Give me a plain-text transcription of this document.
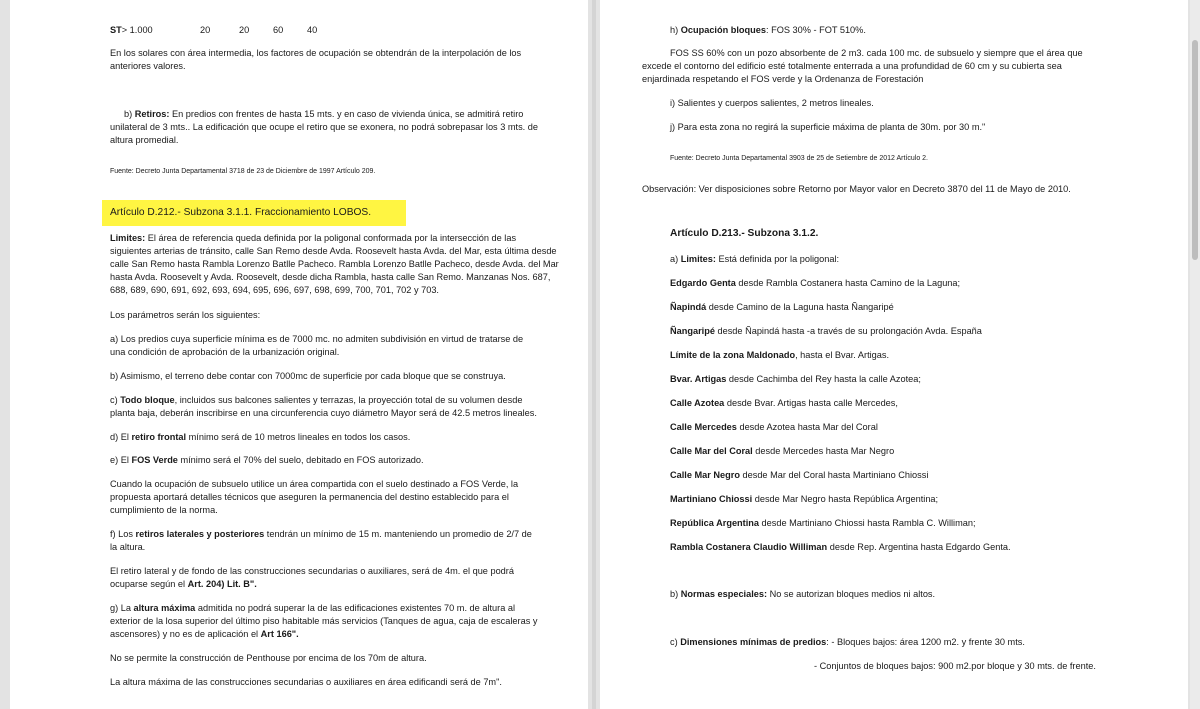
ST> 1.000	20	20	60	40
En los solares con área intermedia, los factores de ocupación se obtendrán de la interpolación de los
anteriores valores.
b) Retiros: En predios con frentes de hasta 15 mts. y en caso de vivienda única, se admitirá retiro
unilateral de 3 mts.. La edificación que ocupe el retiro que se exonera, no podrá sobrepasar los 3 mts. de
altura promedial.
Fuente: Decreto Junta Departamental 3718 de 23 de Diciembre de 1997 Artículo 209.
Artículo D.212.- Subzona 3.1.1. Fraccionamiento LOBOS.
Limites: El área de referencia queda definida por la poligonal conformada por la intersección de las
siguientes arterias de tránsito, calle San Remo desde Avda. Roosevelt hasta Avda. del Mar, esta última desde
calle San Remo hasta Rambla Lorenzo Batlle Pacheco. Rambla Lorenzo Batlle Pacheco, desde Avda. del Mar
hasta Avda. Roosevelt y Avda. Roosevelt, desde dicha Rambla, hasta calle San Remo. Manzanas Nos. 687,
688, 689, 690, 691, 692, 693, 694, 695, 696, 697, 698, 699, 700, 701, 702 y 703.
Los parámetros serán los siguientes:
a) Los predios cuya superficie mínima es de 7000 mc. no admiten subdivisión en virtud de tratarse de
una condición de aprobación de la urbanización original.
b) Asimismo, el terreno debe contar con 7000mc de superficie por cada bloque que se construya.
c) Todo bloque, incluidos sus balcones salientes y terrazas, la proyección total de su volumen desde
planta baja, deberán inscribirse en una circunferencia cuyo diámetro Mayor será de 42.5 metros lineales.
d) El retiro frontal mínimo será de 10 metros lineales en todos los casos.
e) El FOS Verde mínimo será el 70% del suelo, debitado en FOS autorizado.
Cuando la ocupación de subsuelo utilice un área compartida con el suelo destinado a FOS Verde, la
propuesta aportará detalles técnicos que aseguren la permanencia del destino establecido para el
cumplimiento de la norma.
f) Los retiros laterales y posteriores tendrán un mínimo de 15 m. manteniendo un promedio de 2/7 de
la altura.
El retiro lateral y de fondo de las construcciones secundarias o auxiliares, será de 4m. el que podrá
ocuparse según el Art. 204) Lit. B".
g) La altura máxima admitida no podrá superar la de las edificaciones existentes 70 m. de altura al
exterior de la losa superior del último piso habitable más servicios (Tanques de agua, caja de escaleras y
ascensores) y no es de aplicación el Art 166".
No se permite la construcción de Penthouse por encima de los 70m de altura.
La altura máxima de las construcciones secundarias o auxiliares en área edificandi será de 7m".
h) Ocupación bloques: FOS 30% - FOT 510%.
FOS SS 60% con un pozo absorbente de 2 m3. cada 100 mc. de subsuelo y siempre que el área que
excede el contorno del edificio esté totalmente enterrada a una profundidad de 60 cm y su cubierta sea
enjardinada respetando el FOS verde y la Ordenanza de Forestación
i) Salientes y cuerpos salientes, 2 metros lineales.
j) Para esta zona no regirá la superficie máxima de planta de 30m. por 30 m."
Fuente: Decreto Junta Departamental 3903 de 25 de Setiembre de 2012 Artículo 2.
Observación: Ver disposiciones sobre Retorno por Mayor valor en Decreto 3870 del 11 de Mayo de 2010.
Artículo D.213.- Subzona 3.1.2.
a) Limites: Está definida por la poligonal:
Edgardo Genta desde Rambla Costanera hasta Camino de la Laguna;
Ñapindá desde Camino de la Laguna hasta Ñangaripé
Ñangaripé desde Ñapindá hasta -a través de su prolongación Avda. España
Límite de la zona Maldonado, hasta el Bvar. Artigas.
Bvar. Artigas desde Cachimba del Rey hasta la calle Azotea;
Calle Azotea desde Bvar. Artigas hasta calle Mercedes,
Calle Mercedes desde Azotea hasta Mar del Coral
Calle Mar del Coral desde Mercedes hasta Mar Negro
Calle Mar Negro desde Mar del Coral hasta Martiniano Chiossi
Martiniano Chiossi desde Mar Negro hasta República Argentina;
República Argentina desde Martiniano Chiossi hasta Rambla C. Williman;
Rambla Costanera Claudio Williman desde Rep. Argentina hasta Edgardo Genta.
b) Normas especiales: No se autorizan bloques medios ni altos.
c) Dimensiones mínimas de predios: - Bloques bajos: área 1200 m2. y frente 30 mts.
- Conjuntos de bloques bajos: 900 m2.por bloque y 30 mts. de frente.
